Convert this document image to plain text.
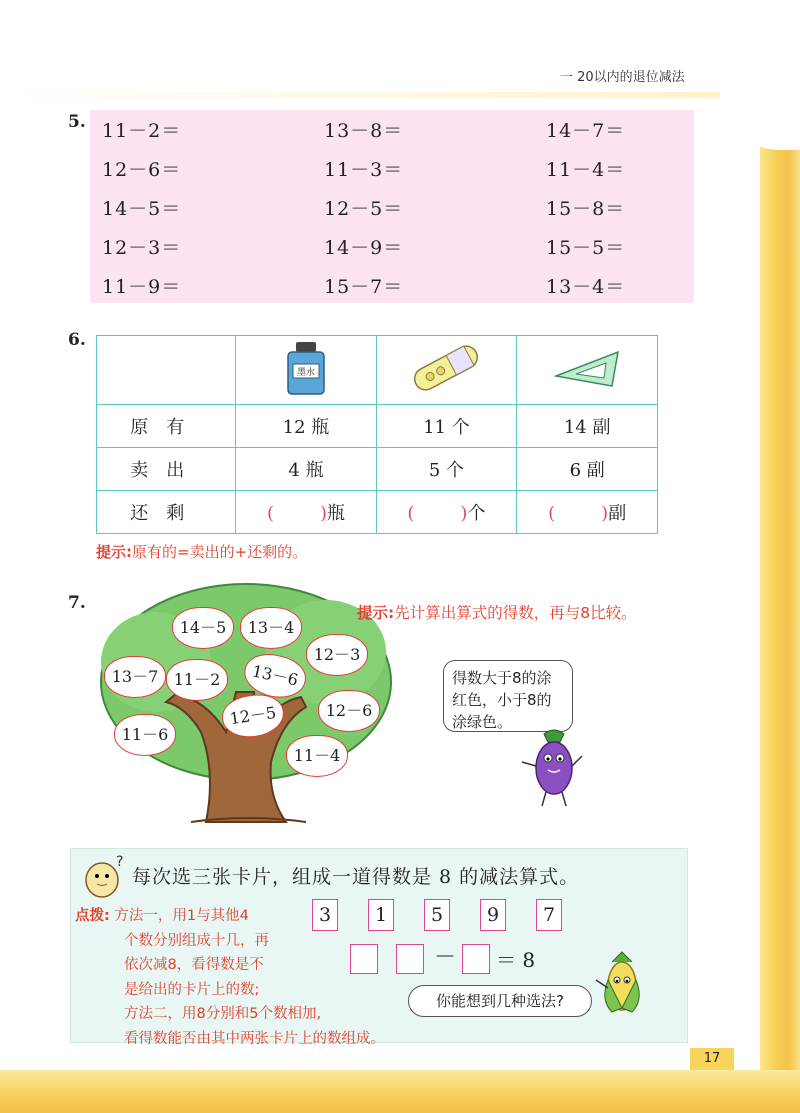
一 20以内的退位减法
5. 11－2＝	13－8＝	14－7＝
12－6＝	11－3＝	11－4＝
14－5＝	12－5＝	15－8＝
12－3＝	14－9＝	15－5＝
11－9＝	15－7＝	13－4＝
6.

墨水

原有	12 瓶	11 个	14 副
卖出	4 瓶	5 个	6 副
还剩	( )瓶	( )个	( )副
提示:原有的=卖出的+还剩的。
7.
14－5	13－4
12－3
13－7 11－2	13－6
12－5	12－6
11－6
11－4
提示:先计算出算式的得数，再与8比较。
得数大于8的涂红色，小于8的涂绿色。
?
每次选三张卡片，组成一道得数是 8 的减法算式。
点拨: 方法一，用1与其他4
个数分别组成十几，再
依次减8，看得数是不
是给出的卡片上的数;
方法二，用8分别和5个数相加,
看得数能否由其中两张卡片上的数组成。
3	1	5	9	7
－ ＝ 8
你能想到几种选法?
17
